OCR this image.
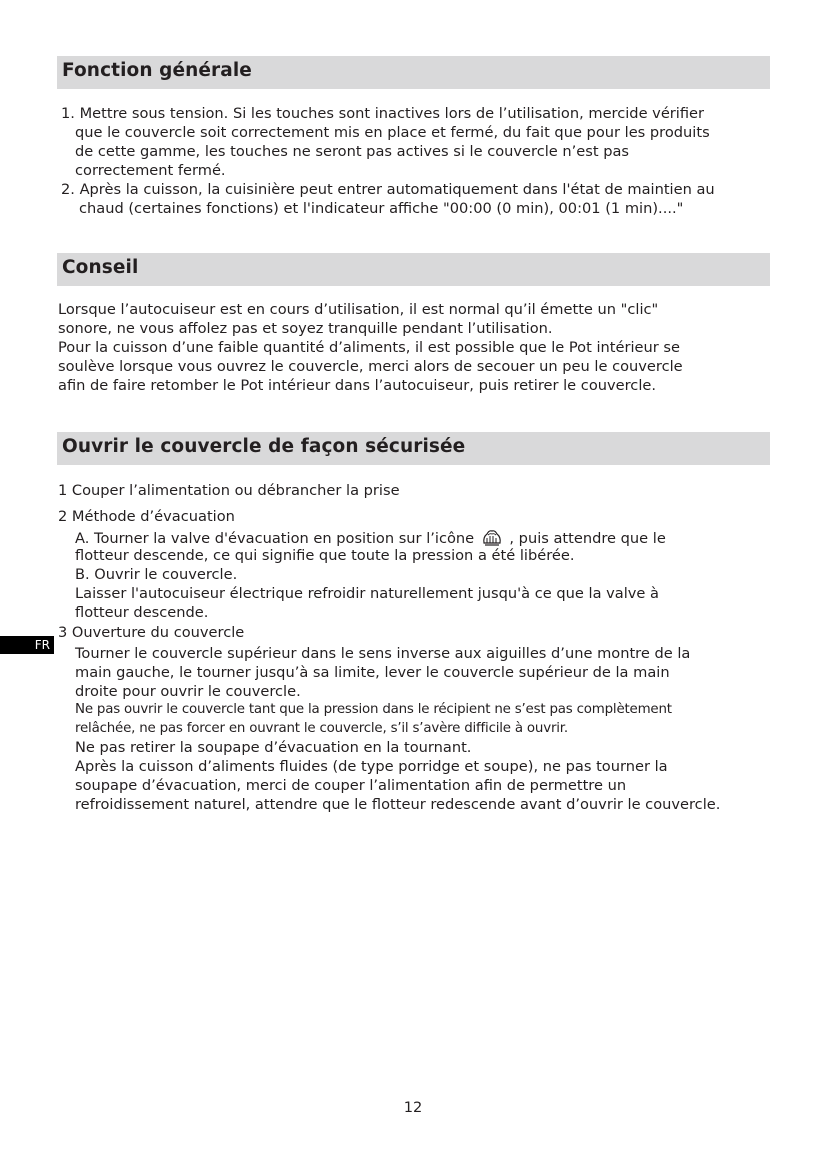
Fonction générale
1. Mettre sous tension. Si les touches sont inactives lors de l’utilisation, mercide vérifier
que le couvercle soit correctement mis en place et fermé, du fait que pour les produits
de cette gamme, les touches ne seront pas actives si le couvercle n’est pas
correctement fermé.
2. Après la cuisson, la cuisinière peut entrer automatiquement dans l'état de maintien au
chaud (certaines fonctions) et l'indicateur affiche "00:00 (0 min), 00:01 (1 min)...."
Conseil
Lorsque l’autocuiseur est en cours d’utilisation, il est normal qu’il émette un "clic"
sonore, ne vous affolez pas et soyez tranquille pendant l’utilisation.
Pour la cuisson d’une faible quantité d’aliments, il est possible que le Pot intérieur se
soulève lorsque vous ouvrez le couvercle, merci alors de secouer un peu le couvercle
afin de faire retomber le Pot intérieur dans l’autocuiseur, puis retirer le couvercle.
Ouvrir le couvercle de façon sécurisée
1 Couper l’alimentation ou débrancher la prise
2 Méthode d’évacuation
A. Tourner la valve d'évacuation en position sur l’icône , puis attendre que le
flotteur descende, ce qui signifie que toute la pression a été libérée.
B. Ouvrir le couvercle.
Laisser l'autocuiseur électrique refroidir naturellement jusqu'à ce que la valve à
flotteur descende.
3 Ouverture du couvercle
Tourner le couvercle supérieur dans le sens inverse aux aiguilles d’une montre de la
main gauche, le tourner jusqu’à sa limite, lever le couvercle supérieur de la main
droite pour ouvrir le couvercle.
Ne pas ouvrir le couvercle tant que la pression dans le récipient ne s’est pas complètement
relâchée, ne pas forcer en ouvrant le couvercle, s’il s’avère difficile à ouvrir.
Ne pas retirer la soupape d’évacuation en la tournant.
Après la cuisson d’aliments fluides (de type porridge et soupe), ne pas tourner la
soupape d’évacuation, merci de couper l’alimentation afin de permettre un
refroidissement naturel, attendre que le flotteur redescende avant d’ouvrir le couvercle.
FR
12
